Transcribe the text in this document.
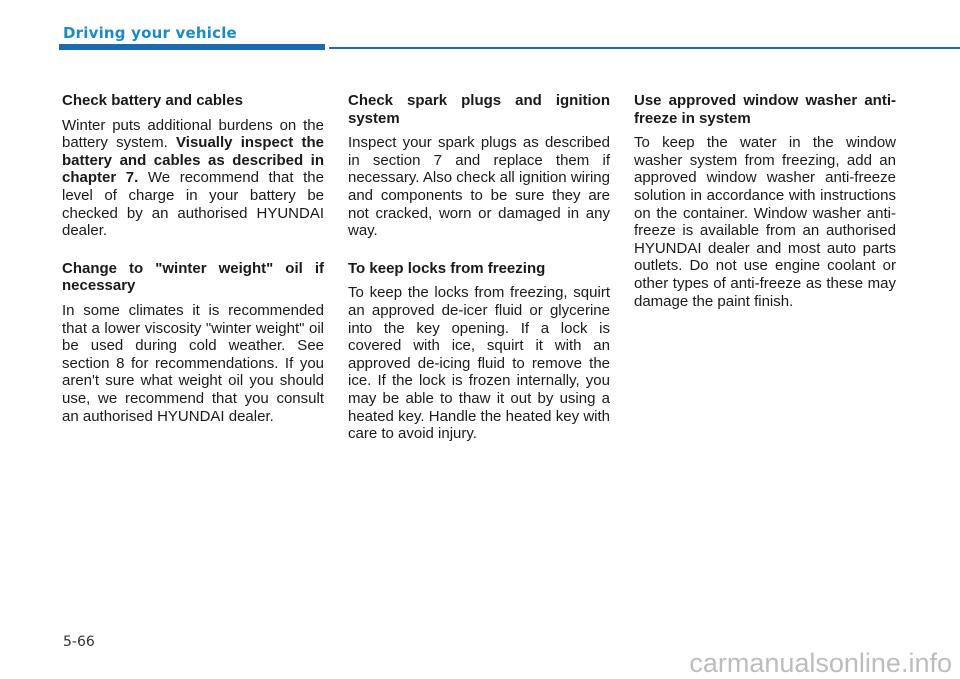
Driving your vehicle

Check battery and cables

Winter puts additional burdens on the battery system. Visually inspect the battery and cables as described in chapter 7. We recommend that the level of charge in your battery be checked by an authorised HYUNDAI dealer.

Change to "winter weight" oil if necessary

In some climates it is recommended that a lower viscosity "winter weight" oil be used during cold weather. See section 8 for recommendations. If you aren't sure what weight oil you should use, we recommend that you consult an authorised HYUNDAI dealer.

Check spark plugs and ignition system

Inspect your spark plugs as described in section 7 and replace them if necessary. Also check all ignition wiring and components to be sure they are not cracked, worn or damaged in any way.

To keep locks from freezing

To keep the locks from freezing, squirt an approved de-icer fluid or glycerine into the key opening. If a lock is covered with ice, squirt it with an approved de-icing fluid to remove the ice. If the lock is frozen internally, you may be able to thaw it out by using a heated key. Handle the heated key with care to avoid injury.

Use approved window washer anti-freeze in system

To keep the water in the window washer system from freezing, add an approved window washer anti-freeze solution in accordance with instructions on the container. Window washer anti-freeze is available from an authorised HYUNDAI dealer and most auto parts outlets. Do not use engine coolant or other types of anti-freeze as these may damage the paint finish.

5-66

carmanualsonline.info
